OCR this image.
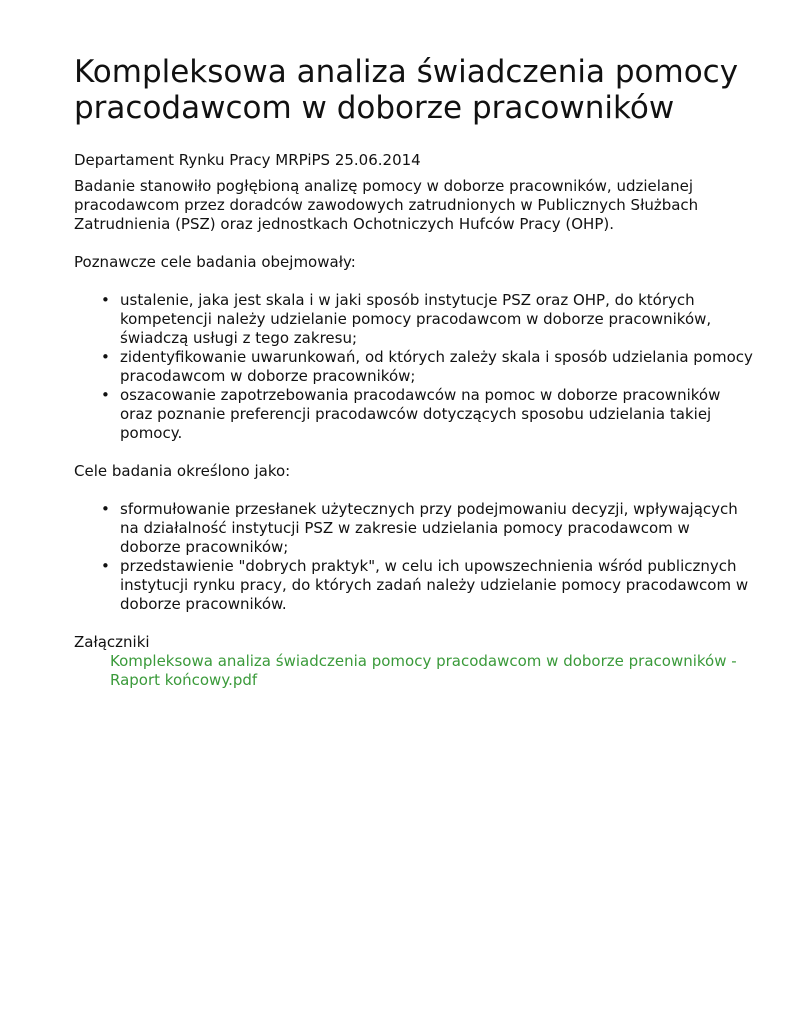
Kompleksowa analiza świadczenia pomocy pracodawcom w doborze pracowników
Departament Rynku Pracy MRPiPS 25.06.2014

Badanie stanowiło pogłębioną analizę pomocy w doborze pracowników, udzielanej pracodawcom przez doradców zawodowych zatrudnionych w Publicznych Służbach Zatrudnienia (PSZ) oraz jednostkach Ochotniczych Hufców Pracy (OHP).

Poznawcze cele badania obejmowały:

• ustalenie, jaka jest skala i w jaki sposób instytucje PSZ oraz OHP, do których kompetencji należy udzielanie pomocy pracodawcom w doborze pracowników, świadczą usługi z tego zakresu;
• zidentyfikowanie uwarunkowań, od których zależy skala i sposób udzielania pomocy pracodawcom w doborze pracowników;
• oszacowanie zapotrzebowania pracodawców na pomoc w doborze pracowników oraz poznanie preferencji pracodawców dotyczących sposobu udzielania takiej pomocy.

Cele badania określono jako:

• sformułowanie przesłanek użytecznych przy podejmowaniu decyzji, wpływających na działalność instytucji PSZ w zakresie udzielania pomocy pracodawcom w doborze pracowników;
• przedstawienie "dobrych praktyk", w celu ich upowszechnienia wśród publicznych instytucji rynku pracy, do których zadań należy udzielanie pomocy pracodawcom w doborze pracowników.
Załączniki
Kompleksowa analiza świadczenia pomocy pracodawcom w doborze pracowników - Raport końcowy.pdf
